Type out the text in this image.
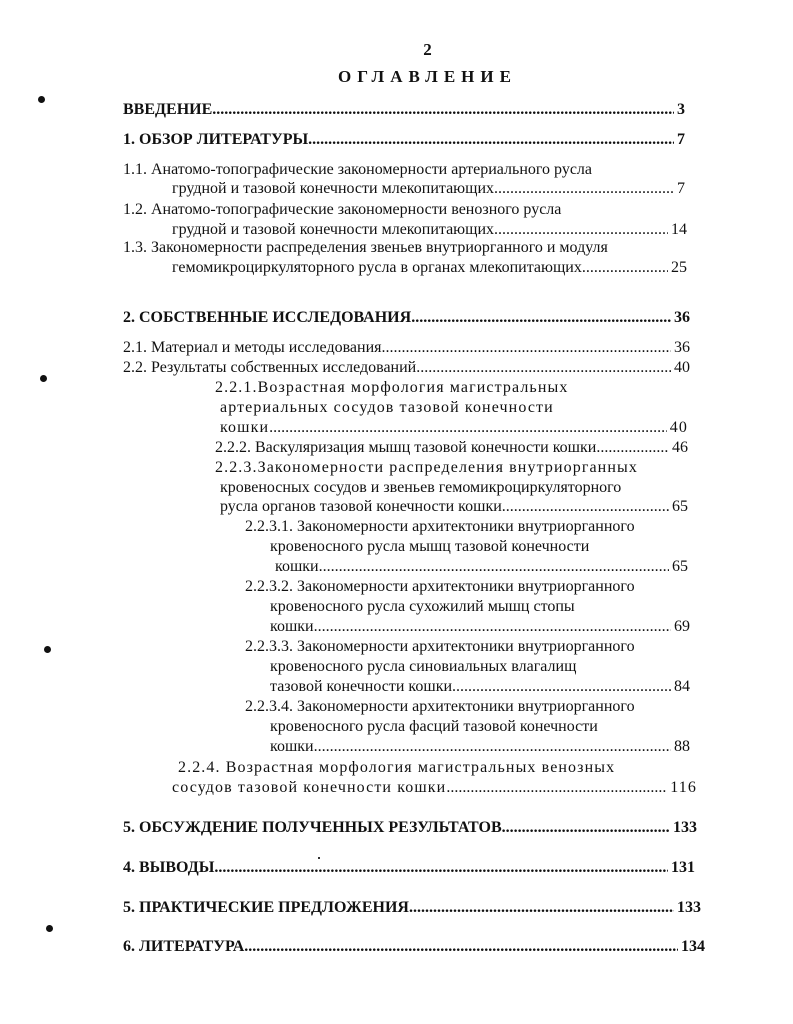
2
ОГЛАВЛЕНИЕ
ВВЕДЕНИЕ .....	3
1. ОБЗОР ЛИТЕРАТУРЫ .....	7
1.1. Анатомо-топографические закономерности артериального русла
грудной и тазовой конечности млекопитающих .....	7
1.2. Анатомо-топографические закономерности венозного русла
грудной и тазовой конечности млекопитающих .....	14
1.3. Закономерности распределения звеньев внутриорганного и модуля
гемомикроциркуляторного русла в органах млекопитающих .....	25
2. СОБСТВЕННЫЕ ИССЛЕДОВАНИЯ .....	36
2.1. Материал и методы исследования .....	36
2.2. Результаты собственных исследований .....	40
2.2.1.Возрастная морфология магистральных
артериальных сосудов тазовой конечности
кошки .....	40
2.2.2. Васкуляризация мышц тазовой конечности кошки .....	46
2.2.3.Закономерности распределения внутриорганных
кровеносных сосудов и звеньев гемомикроциркуляторного
русла органов тазовой конечности кошки .....	65
2.2.3.1. Закономерности архитектоники внутриорганного
кровеносного русла мышц тазовой конечности
кошки .....	65
2.2.3.2. Закономерности архитектоники внутриорганного
кровеносного русла сухожилий мышц стопы
кошки .....	69
2.2.3.3. Закономерности архитектоники внутриорганного
кровеносного русла синовиальных влагалищ
тазовой конечности кошки .....	84
2.2.3.4. Закономерности архитектоники внутриорганного
кровеносного русла фасций тазовой конечности
кошки .....	88
2.2.4. Возрастная морфология магистральных венозных
сосудов тазовой конечности кошки .....	116
5. ОБСУЖДЕНИЕ ПОЛУЧЕННЫХ РЕЗУЛЬТАТОВ .....	133
4. ВЫВОДЫ .....	131
5. ПРАКТИЧЕСКИЕ ПРЕДЛОЖЕНИЯ .....	133
6. ЛИТЕРАТУРА .....	134
